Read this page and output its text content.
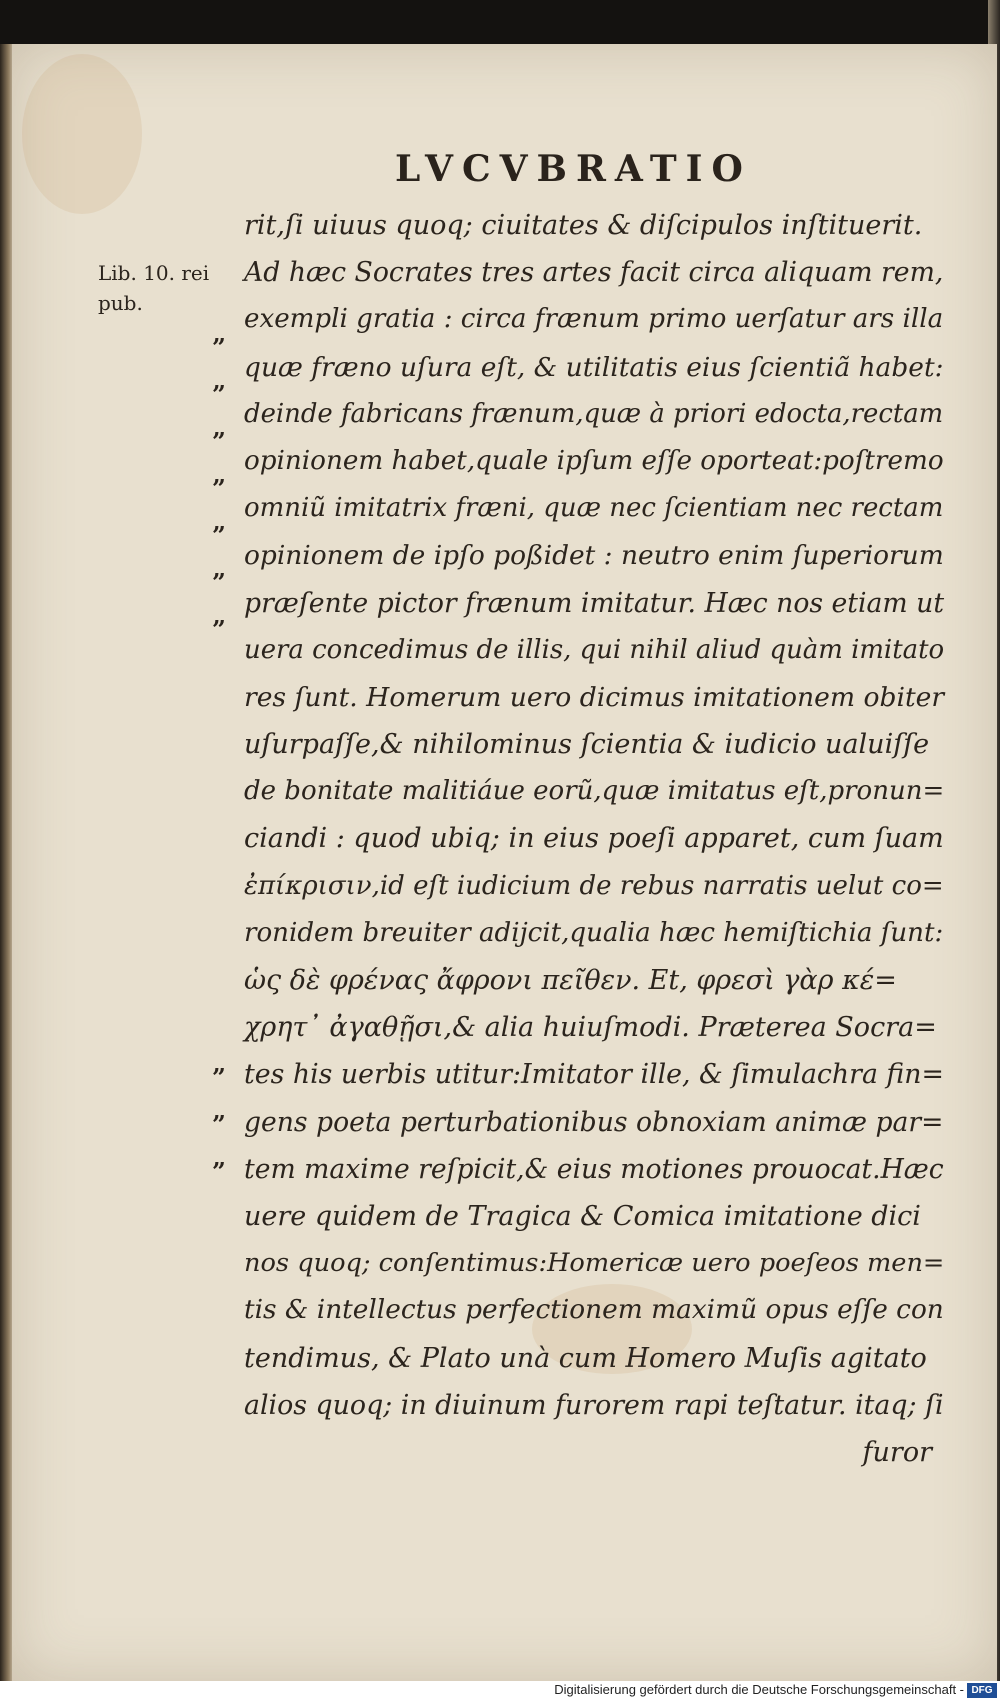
LVCVBRATIO
Lib. 10. rei
pub.
”
”
”
”
”
”
”
”
”
”
rit,ſi uiuus quoq; ciuitates & diſcipulos inſtituerit.
Ad hæc Socrates tres artes facit circa aliquam rem,
exempli gratia : circa frænum primo uerſatur ars illa
quæ fræno uſura eſt, & utilitatis eius ſcientiã habet:
deinde fabricans frænum,quæ à priori edocta,rectam
opinionem habet,quale ipſum eſſe oporteat:poſtremo
omniũ imitatrix fræni, quæ nec ſcientiam nec rectam
opinionem de ipſo poßidet : neutro enim ſuperiorum
præſente pictor frænum imitatur. Hæc nos etiam ut
uera concedimus de illis, qui nihil aliud quàm imitato
res ſunt. Homerum uero dicimus imitationem obiter
uſurpaſſe,& nihilominus ſcientia & iudicio ualuiſſe
de bonitate malitiáue eorũ,quæ imitatus eſt,pronun=
ciandi : quod ubiq; in eius poeſi apparet, cum ſuam
ἐπίκρισιν,id eſt iudicium de rebus narratis uelut co=
ronidem breuiter adijcit,qualia hæc hemiſtichia ſunt:
ὡς δὲ φρένας ἄφρονι πεῖθεν. Et, φρεσὶ γὰρ κέ=
χρητ᾽ ἀγαθῇσι,& alia huiuſmodi. Præterea Socra=
tes his uerbis utitur:Imitator ille, & ſimulachra fin=
gens poeta perturbationibus obnoxiam animæ par=
tem maxime reſpicit,& eius motiones prouocat.Hæc
uere quidem de Tragica & Comica imitatione dici
nos quoq; conſentimus:Homericæ uero poeſeos men=
tis & intellectus perfectionem maximũ opus eſſe con
tendimus, & Plato unà cum Homero Muſis agitato
alios quoq; in diuinum furorem rapi teſtatur. itaq; ſi
furor
Digitalisierung gefördert durch die Deutsche Forschungsgemeinschaft - DFG
